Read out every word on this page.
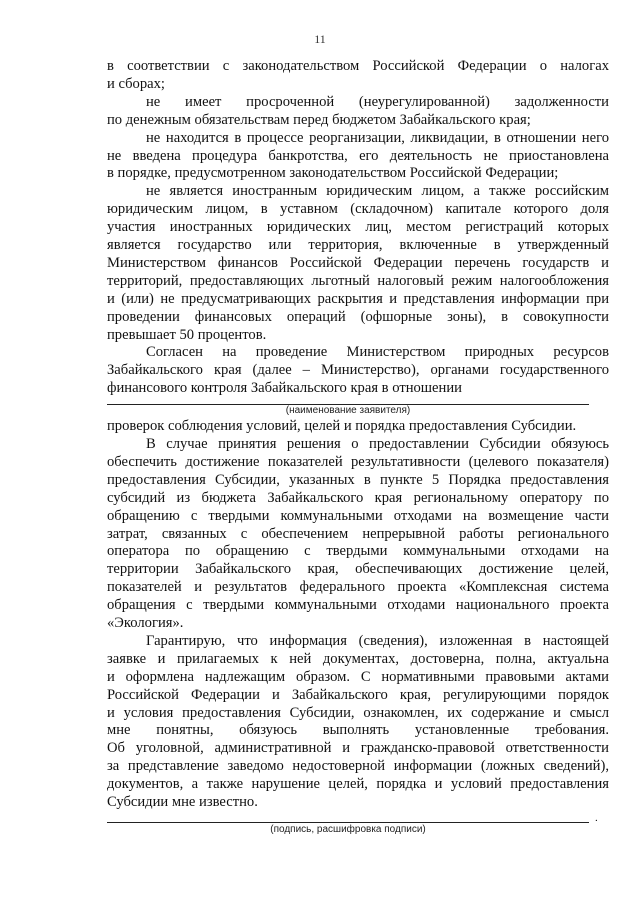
11
в соответствии с законодательством Российской Федерации о налогах
и сборах;
не имеет просроченной (неурегулированной) задолженности
по денежным обязательствам перед бюджетом Забайкальского края;
не находится в процессе реорганизации, ликвидации, в отношении него
не введена процедура банкротства, его деятельность не приостановлена
в порядке, предусмотренном законодательством Российской Федерации;
не является иностранным юридическим лицом, а также российским
юридическим лицом, в уставном (складочном) капитале которого доля
участия иностранных юридических лиц, местом регистраций которых
является государство или территория, включенные в утвержденный
Министерством финансов Российской Федерации перечень государств и
территорий, предоставляющих льготный налоговый режим налогообложения
и (или) не предусматривающих раскрытия и представления информации при
проведении финансовых операций (офшорные зоны), в совокупности
превышает 50 процентов.
Согласен на проведение Министерством природных ресурсов
Забайкальского края (далее – Министерство), органами государственного
финансового контроля Забайкальского края в отношении
(наименование заявителя)
проверок соблюдения условий, целей и порядка предоставления Субсидии.
В случае принятия решения о предоставлении Субсидии обязуюсь
обеспечить достижение показателей результативности (целевого показателя)
предоставления Субсидии, указанных в пункте 5 Порядка предоставления
субсидий из бюджета Забайкальского края региональному оператору по
обращению с твердыми коммунальными отходами на возмещение части
затрат, связанных с обеспечением непрерывной работы регионального
оператора по обращению с твердыми коммунальными отходами на
территории Забайкальского края, обеспечивающих достижение целей,
показателей и результатов федерального проекта «Комплексная система
обращения с твердыми коммунальными отходами национального проекта
«Экология».
Гарантирую, что информация (сведения), изложенная в настоящей
заявке и прилагаемых к ней документах, достоверна, полна, актуальна
и оформлена надлежащим образом. С нормативными правовыми актами
Российской Федерации и Забайкальского края, регулирующими порядок
и условия предоставления Субсидии, ознакомлен, их содержание и смысл
мне понятны, обязуюсь выполнять установленные требования.
Об уголовной, административной и гражданско-правовой ответственности
за представление заведомо недостоверной информации (ложных сведений),
документов, а также нарушение целей, порядка и условий предоставления
Субсидии мне известно.
.
(подпись, расшифровка подписи)
